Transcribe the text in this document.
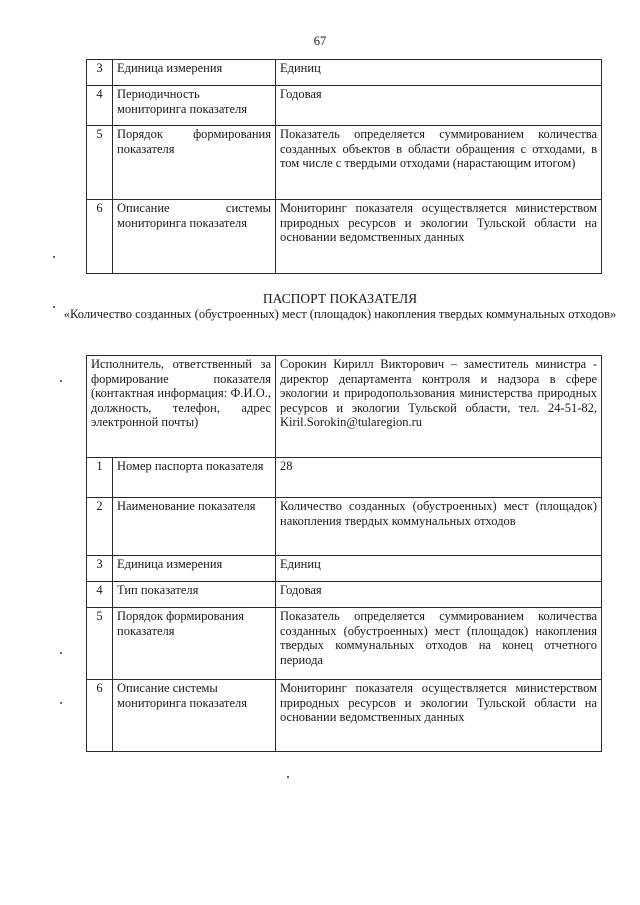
67
3	Единица измерения	Единиц
4	Периодичность мониторинга показателя	Годовая
5	Порядок формирования показателя	Показатель определяется суммированием количества созданных объектов в области обращения с отходами, в том числе с твердыми отходами (нарастающим итогом)
6	Описание системы мониторинга показателя	Мониторинг показателя осуществляется министерством природных ресурсов и экологии Тульской области на основании ведомственных данных
ПАСПОРТ ПОКАЗАТЕЛЯ
«Количество созданных (обустроенных) мест (площадок) накопления твердых коммунальных отходов»
Исполнитель, ответственный за формирование показателя (контактная информация: Ф.И.О., должность, телефон, адрес электронной почты)		Сорокин Кирилл Викторович – заместитель министра - директор департамента контроля и надзора в сфере экологии и природопользования министерства природных ресурсов и экологии Тульской области, тел. 24-51-82, Kiril.Sorokin@tularegion.ru
1	Номер паспорта показателя	28
2	Наименование показателя	Количество созданных (обустроенных) мест (площадок) накопления твердых коммунальных отходов
3	Единица измерения	Единиц
4	Тип показателя	Годовая
5	Порядок формирования показателя	Показатель определяется суммированием количества созданных (обустроенных) мест (площадок) накопления твердых коммунальных отходов на конец отчетного периода
6	Описание системы мониторинга показателя	Мониторинг показателя осуществляется министерством природных ресурсов и экологии Тульской области на основании ведомственных данных
